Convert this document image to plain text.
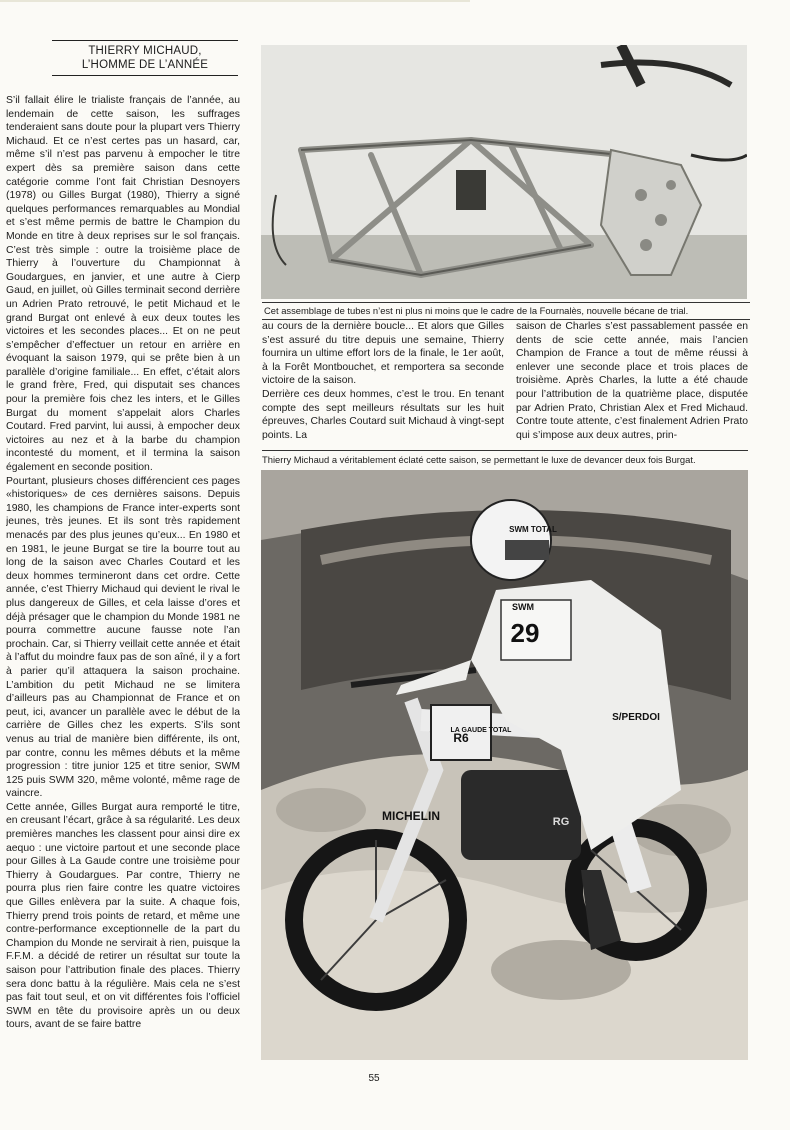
THIERRY MICHAUD,
L’HOMME DE L’ANNÉE

S’il fallait élire le trialiste français de l’année, au lendemain de cette saison, les suffrages tenderaient sans doute pour la plupart vers Thierry Michaud. Et ce n’est certes pas un hasard, car, même s’il n’est pas parvenu à empocher le titre expert dès sa première saison dans cette catégorie comme l’ont fait Christian Desnoyers (1978) ou Gilles Burgat (1980), Thierry a signé quelques performances remarquables au Mondial et s’est même permis de battre le Champion du Monde en titre à deux reprises sur le sol français. C’est très simple : outre la troisième place de Thierry à l’ouverture du Championnat à Goudargues, en janvier, et une autre à Cierp Gaud, en juillet, où Gilles terminait second derrière un Adrien Prato retrouvé, le petit Michaud et le grand Burgat ont enlevé à eux deux toutes les victoires et les secondes places... Et on ne peut s’empêcher d’effectuer un retour en arrière en évoquant la saison 1979, qui se prête bien à un parallèle d’origine familiale... En effet, c’était alors le grand frère, Fred, qui disputait ses chances pour la première fois chez les inters, et le Gilles Burgat du moment s’appelait alors Charles Coutard. Fred parvint, lui aussi, à empocher deux victoires au nez et à la barbe du champion incontesté du moment, et il termina la saison également en seconde position.

Pourtant, plusieurs choses différencient ces pages «historiques» de ces dernières saisons. Depuis 1980, les champions de France inter-experts sont jeunes, très jeunes. Et ils sont très rapidement menacés par des plus jeunes qu’eux... En 1980 et en 1981, le jeune Burgat se tire la bourre tout au long de la saison avec Charles Coutard et les deux hommes termineront dans cet ordre. Cette année, c’est Thierry Michaud qui devient le rival le plus dangereux de Gilles, et cela laisse d’ores et déjà présager que le champion du Monde 1981 ne pourra commettre aucune fausse note l’an prochain. Car, si Thierry veillait cette année et était à l’affut du moindre faux pas de son aîné, il y a fort à parier qu’il attaquera la saison prochaine. L’ambition du petit Michaud ne se limitera d’ailleurs pas au Championnat de France et on peut, ici, avancer un parallèle avec le début de la carrière de Gilles chez les experts. S’ils sont venus au trial de manière bien différente, ils ont, par contre, connu les mêmes débuts et la même progression : titre junior 125 et titre senior, SWM 125 puis SWM 320, même volonté, même rage de vaincre.

Cette année, Gilles Burgat aura remporté le titre, en creusant l’écart, grâce à sa régularité. Les deux premières manches les classent pour ainsi dire ex aequo : une victoire partout et une seconde place pour Gilles à La Gaude contre une troisième pour Thierry à Goudargues. Par contre, Thierry ne pourra plus rien faire contre les quatre victoires que Gilles enlèvera par la suite. A chaque fois, Thierry prend trois points de retard, et même une contre-performance exceptionnelle de la part du Champion du Monde ne servirait à rien, puisque la F.F.M. a décidé de retirer un résultat sur toute la saison pour l’attribution finale des places. Thierry sera donc battu à la régulière. Mais cela ne s’est pas fait tout seul, et on vit différentes fois l’officiel SWM en tête du provisoire après un ou deux tours, avant de se faire battre

Cet assemblage de tubes n’est ni plus ni moins que le cadre de la Fournalès, nouvelle bécane de trial.

au cours de la dernière boucle... Et alors que Gilles s’est assuré du titre depuis une semaine, Thierry fournira un ultime effort lors de la finale, le 1er août, à la Forêt Montbouchet, et remportera sa seconde victoire de la saison.

Derrière ces deux hommes, c’est le trou. En tenant compte des sept meilleurs résultats sur les huit épreuves, Charles Coutard suit Michaud à vingt-sept points. La

saison de Charles s’est passablement passée en dents de scie cette année, mais l’ancien Champion de France a tout de même réussi à enlever une seconde place et trois places de troisième. Après Charles, la lutte a été chaude pour l’attribution de la quatrième place, disputée par Adrien Prato, Christian Alex et Fred Michaud. Contre toute attente, c’est finalement Adrien Prato qui s’impose aux deux autres, prin-

Thierry Michaud a véritablement éclaté cette saison, se permettant le luxe de devancer deux fois Burgat.
29
SWM TOTAL
SWM
S/PERDOI
MICHELIN
R6
LA GAUDE TOTAL
RG
55
